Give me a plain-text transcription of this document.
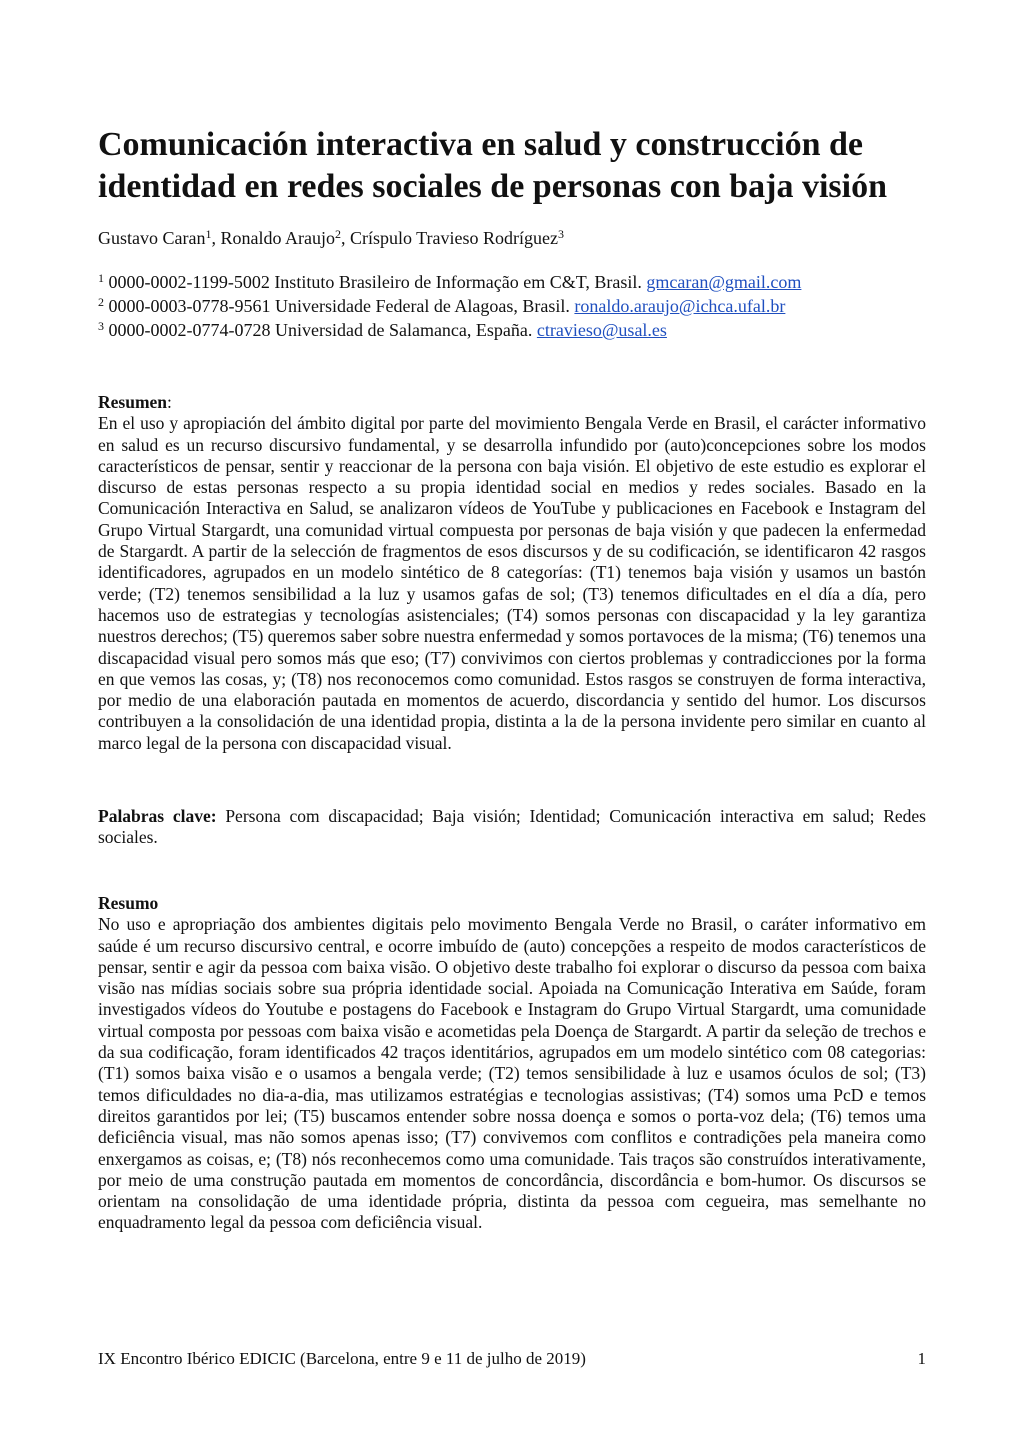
Comunicación interactiva en salud y construcción de
identidad en redes sociales de personas con baja visión

Gustavo Caran$^1$, Ronaldo Araujo$^2$, Críspulo Travieso Rodríguez$^3$

$^1$ 0000-0002-1199-5002 Instituto Brasileiro de Informação em C&T, Brasil. gmcaran@gmail.com
$^2$ 0000-0003-0778-9561 Universidade Federal de Alagoas, Brasil. ronaldo.araujo@ichca.ufal.br
$^3$ 0000-0002-0774-0728 Universidad de Salamanca, España. ctravieso@usal.es

Resumen:

En el uso y apropiación del ámbito digital por parte del movimiento Bengala Verde en Brasil, el carácter informativo en salud es un recurso discursivo fundamental, y se desarrolla infundido por (auto)concepciones sobre los modos característicos de pensar, sentir y reaccionar de la persona con baja visión. El objetivo de este estudio es explorar el discurso de estas personas respecto a su propia identidad social en medios y redes sociales. Basado en la Comunicación Interactiva en Salud, se analizaron vídeos de YouTube y publicaciones en Facebook e Instagram del Grupo Virtual Stargardt, una comunidad virtual compuesta por personas de baja visión y que padecen la enfermedad de Stargardt. A partir de la selección de fragmentos de esos discursos y de su codificación, se identificaron 42 rasgos identificadores, agrupados en un modelo sintético de 8 categorías: (T1) tenemos baja visión y usamos un bastón verde; (T2) tenemos sensibilidad a la luz y usamos gafas de sol; (T3) tenemos dificultades en el día a día, pero hacemos uso de estrategias y tecnologías asistenciales; (T4) somos personas con discapacidad y la ley garantiza nuestros derechos; (T5) queremos saber sobre nuestra enfermedad y somos portavoces de la misma; (T6) tenemos una discapacidad visual pero somos más que eso; (T7) convivimos con ciertos problemas y contradicciones por la forma en que vemos las cosas, y; (T8) nos reconocemos como comunidad. Estos rasgos se construyen de forma interactiva, por medio de una elaboración pautada en momentos de acuerdo, discordancia y sentido del humor. Los discursos contribuyen a la consolidación de una identidad propia, distinta a la de la persona invidente pero similar en cuanto al marco legal de la persona con discapacidad visual.

Palabras clave: Persona com discapacidad; Baja visión; Identidad; Comunicación interactiva em salud; Redes sociales.

Resumo

No uso e apropriação dos ambientes digitais pelo movimento Bengala Verde no Brasil, o caráter informativo em saúde é um recurso discursivo central, e ocorre imbuído de (auto) concepções a respeito de modos característicos de pensar, sentir e agir da pessoa com baixa visão. O objetivo deste trabalho foi explorar o discurso da pessoa com baixa visão nas mídias sociais sobre sua própria identidade social. Apoiada na Comunicação Interativa em Saúde, foram investigados vídeos do Youtube e postagens do Facebook e Instagram do Grupo Virtual Stargardt, uma comunidade virtual composta por pessoas com baixa visão e acometidas pela Doença de Stargardt. A partir da seleção de trechos e da sua codificação, foram identificados 42 traços identitários, agrupados em um modelo sintético com 08 categorias: (T1) somos baixa visão e o usamos a bengala verde; (T2) temos sensibilidade à luz e usamos óculos de sol; (T3) temos dificuldades no dia-a-dia, mas utilizamos estratégias e tecnologias assistivas; (T4) somos uma PcD e temos direitos garantidos por lei; (T5) buscamos entender sobre nossa doença e somos o porta-voz dela; (T6) temos uma deficiência visual, mas não somos apenas isso; (T7) convivemos com conflitos e contradições pela maneira como enxergamos as coisas, e; (T8) nós reconhecemos como uma comunidade. Tais traços são construídos interativamente, por meio de uma construção pautada em momentos de concordância, discordância e bom-humor. Os discursos se orientam na consolidação de uma identidade própria, distinta da pessoa com cegueira, mas semelhante no enquadramento legal da pessoa com deficiência visual.

IX Encontro Ibérico EDICIC (Barcelona, entre 9 e 11 de julho de 2019)	1
